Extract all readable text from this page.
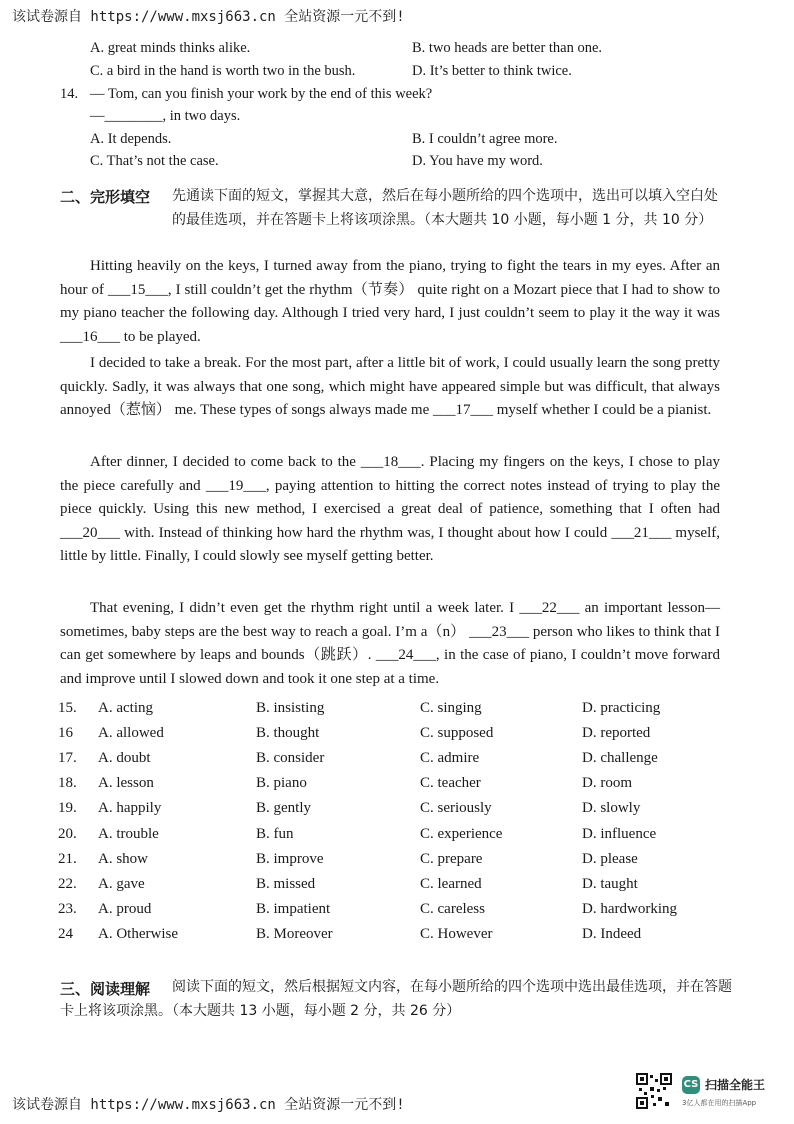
该试卷源自 https://www.mxsj663.cn 全站资源一元不到!
A. great minds thinks alike.	B. two heads are better than one.
C. a bird in the hand is worth two in the bush.	D. It’s better to think twice.
14. — Tom, can you finish your work by the end of this week?
—________, in two days.
A. It depends.	B. I couldn’t agree more.
C. That’s not the case.	D. You have my word.
二、完形填空 先通读下面的短文，掌握其大意，然后在每小题所给的四个选项中，选出可以填入空白处的最佳选项，并在答题卡上将该项涂黑。（本大题共 10 小题，每小题 1 分，共 10 分）
Hitting heavily on the keys, I turned away from the piano, trying to fight the tears in my eyes. After an hour of ___15___, I still couldn’t get the rhythm（节奏） quite right on a Mozart piece that I had to show to my piano teacher the following day. Although I tried very hard, I just couldn’t seem to play it the way it was ___16___ to be played.
I decided to take a break. For the most part, after a little bit of work, I could usually learn the song pretty quickly. Sadly, it was always that one song, which might have appeared simple but was difficult, that always annoyed（惹恼） me. These types of songs always made me ___17___ myself whether I could be a pianist.
After dinner, I decided to come back to the ___18___. Placing my fingers on the keys, I chose to play the piece carefully and ___19___, paying attention to hitting the correct notes instead of trying to play the piece quickly. Using this new method, I exercised a great deal of patience, something that I often had ___20___ with. Instead of thinking how hard the rhythm was, I thought about how I could ___21___ myself, little by little. Finally, I could slowly see myself getting better.
That evening, I didn’t even get the rhythm right until a week later. I ___22___ an important lesson—sometimes, baby steps are the best way to reach a goal. I’m a（n） ___23___ person who likes to think that I can get somewhere by leaps and bounds（跳跃）. ___24___, in the case of piano, I couldn’t move forward and improve until I slowed down and took it one step at a time.
15. A. acting	B. insisting	C. singing	D. practicing
16 A. allowed	B. thought	C. supposed	D. reported
17. A. doubt	B. consider	C. admire	D. challenge
18. A. lesson	B. piano	C. teacher	D. room
19. A. happily	B. gently	C. seriously	D. slowly
20. A. trouble	B. fun	C. experience	D. influence
21. A. show	B. improve	C. prepare	D. please
22. A. gave	B. missed	C. learned	D. taught
23. A. proud	B. impatient	C. careless	D. hardworking
24 A. Otherwise	B. Moreover	C. However	D. Indeed
三、阅读理解	阅读下面的短文，然后根据短文内容，在每小题所给的四个选项中选出最佳选项，并在答题卡上将该项涂黑。（本大题共 13 小题，每小题 2 分，共 26 分）
CS 扫描全能王
3亿人都在用的扫描App
该试卷源自 https://www.mxsj663.cn 全站资源一元不到!
